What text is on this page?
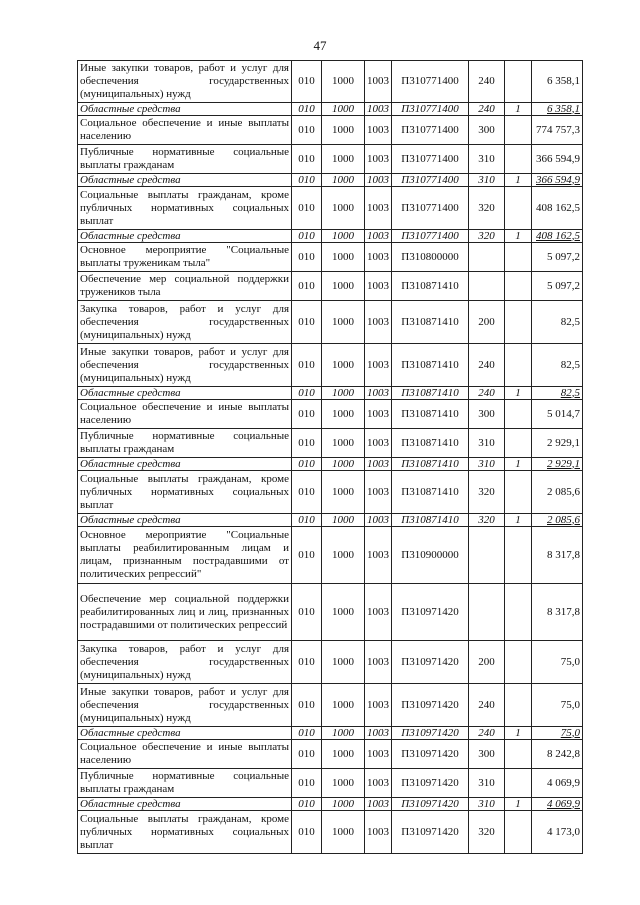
47
Иные закупки товаров, работ и услуг для обеспечения государственных (муниципальных) нужд	010	1000	1003	П310771400	240		6 358,1
Областные средства	010	1000	1003	П310771400	240	1	6 358,1
Социальное обеспечение и иные выплаты населению	010	1000	1003	П310771400	300		774 757,3
Публичные нормативные социальные выплаты гражданам	010	1000	1003	П310771400	310		366 594,9
Областные средства	010	1000	1003	П310771400	310	1	366 594,9
Социальные выплаты гражданам, кроме публичных нормативных социальных выплат	010	1000	1003	П310771400	320		408 162,5
Областные средства	010	1000	1003	П310771400	320	1	408 162,5
Основное мероприятие "Социальные выплаты труженикам тыла"	010	1000	1003	П310800000			5 097,2
Обеспечение мер социальной поддержки тружеников тыла	010	1000	1003	П310871410			5 097,2
Закупка товаров, работ и услуг для обеспечения государственных (муниципальных) нужд	010	1000	1003	П310871410	200		82,5
Иные закупки товаров, работ и услуг для обеспечения государственных (муниципальных) нужд	010	1000	1003	П310871410	240		82,5
Областные средства	010	1000	1003	П310871410	240	1	82,5
Социальное обеспечение и иные выплаты населению	010	1000	1003	П310871410	300		5 014,7
Публичные нормативные социальные выплаты гражданам	010	1000	1003	П310871410	310		2 929,1
Областные средства	010	1000	1003	П310871410	310	1	2 929,1
Социальные выплаты гражданам, кроме публичных нормативных социальных выплат	010	1000	1003	П310871410	320		2 085,6
Областные средства	010	1000	1003	П310871410	320	1	2 085,6
Основное мероприятие "Социальные выплаты реабилитированным лицам и лицам, признанным пострадавшими от политических репрессий"	010	1000	1003	П310900000			8 317,8
Обеспечение мер социальной поддержки реабилитированных лиц и лиц, признанных пострадавшими от политических репрессий	010	1000	1003	П310971420			8 317,8
Закупка товаров, работ и услуг для обеспечения государственных (муниципальных) нужд	010	1000	1003	П310971420	200		75,0
Иные закупки товаров, работ и услуг для обеспечения государственных (муниципальных) нужд	010	1000	1003	П310971420	240		75,0
Областные средства	010	1000	1003	П310971420	240	1	75,0
Социальное обеспечение и иные выплаты населению	010	1000	1003	П310971420	300		8 242,8
Публичные нормативные социальные выплаты гражданам	010	1000	1003	П310971420	310		4 069,9
Областные средства	010	1000	1003	П310971420	310	1	4 069,9
Социальные выплаты гражданам, кроме публичных нормативных социальных выплат	010	1000	1003	П310971420	320		4 173,0
